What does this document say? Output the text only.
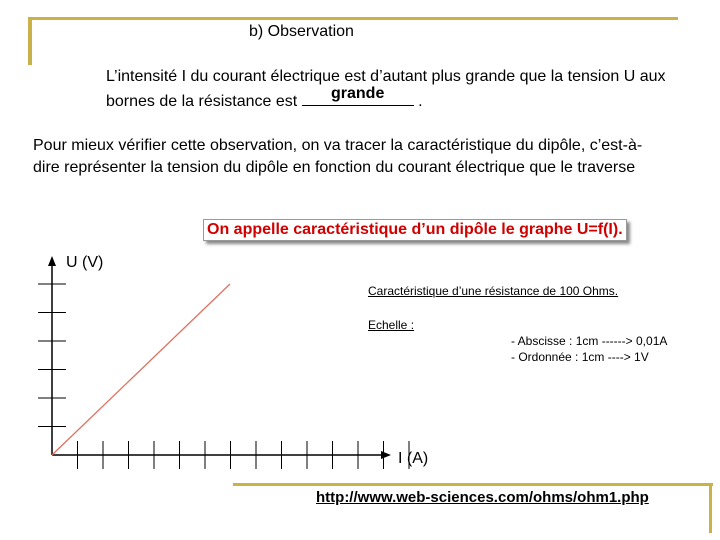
b) Observation
L’intensité I du courant électrique est d’autant plus grande que la tension U aux bornes de la résistance est	grande	.
Pour mieux vérifier cette observation, on va tracer la caractéristique du dipôle, c’est-à-dire représenter la tension du dipôle en fonction du courant électrique que le traverse
On appelle caractéristique d’un dipôle le graphe U=f(I).
U (V)
I (A)
Caractéristique d’une résistance de 100 Ohms.
Echelle :
- Abscisse : 1cm ------> 0,01A
- Ordonnée : 1cm ----> 1V
http://www.web-sciences.com/ohms/ohm1.php
